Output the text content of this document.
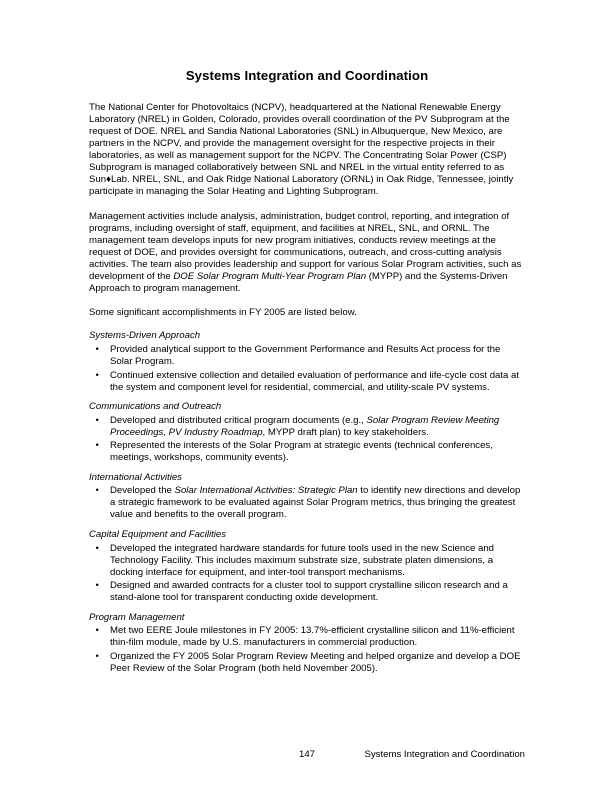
Systems Integration and Coordination

The National Center for Photovoltaics (NCPV), headquartered at the National Renewable Energy Laboratory (NREL) in Golden, Colorado, provides overall coordination of the PV Subprogram at the request of DOE. NREL and Sandia National Laboratories (SNL) in Albuquerque, New Mexico, are partners in the NCPV, and provide the management oversight for the respective projects in their laboratories, as well as management support for the NCPV. The Concentrating Solar Power (CSP) Subprogram is managed collaboratively between SNL and NREL in the virtual entity referred to as Sun♦Lab. NREL, SNL, and Oak Ridge National Laboratory (ORNL) in Oak Ridge, Tennessee, jointly participate in managing the Solar Heating and Lighting Subprogram.

Management activities include analysis, administration, budget control, reporting, and integration of programs, including oversight of staff, equipment, and facilities at NREL, SNL, and ORNL. The management team develops inputs for new program initiatives, conducts review meetings at the request of DOE, and provides oversight for communications, outreach, and cross-cutting analysis activities. The team also provides leadership and support for various Solar Program activities, such as development of the DOE Solar Program Multi-Year Program Plan (MYPP) and the Systems-Driven Approach to program management.

Some significant accomplishments in FY 2005 are listed below.

Systems-Driven Approach
• Provided analytical support to the Government Performance and Results Act process for the Solar Program.
• Continued extensive collection and detailed evaluation of performance and life-cycle cost data at the system and component level for residential, commercial, and utility-scale PV systems.
Communications and Outreach
• Developed and distributed critical program documents (e.g., Solar Program Review Meeting Proceedings, PV Industry Roadmap, MYPP draft plan) to key stakeholders.
• Represented the interests of the Solar Program at strategic events (technical conferences, meetings, workshops, community events).
International Activities
• Developed the Solar International Activities: Strategic Plan to identify new directions and develop a strategic framework to be evaluated against Solar Program metrics, thus bringing the greatest value and benefits to the overall program.
Capital Equipment and Facilities
• Developed the integrated hardware standards for future tools used in the new Science and Technology Facility. This includes maximum substrate size, substrate platen dimensions, a docking interface for equipment, and inter-tool transport mechanisms.
• Designed and awarded contracts for a cluster tool to support crystalline silicon research and a stand-alone tool for transparent conducting oxide development.
Program Management
• Met two EERE Joule milestones in FY 2005: 13.7%-efficient crystalline silicon and 11%-efficient thin-film module, made by U.S. manufacturers in commercial production.
• Organized the FY 2005 Solar Program Review Meeting and helped organize and develop a DOE Peer Review of the Solar Program (both held November 2005).
147	Systems Integration and Coordination
